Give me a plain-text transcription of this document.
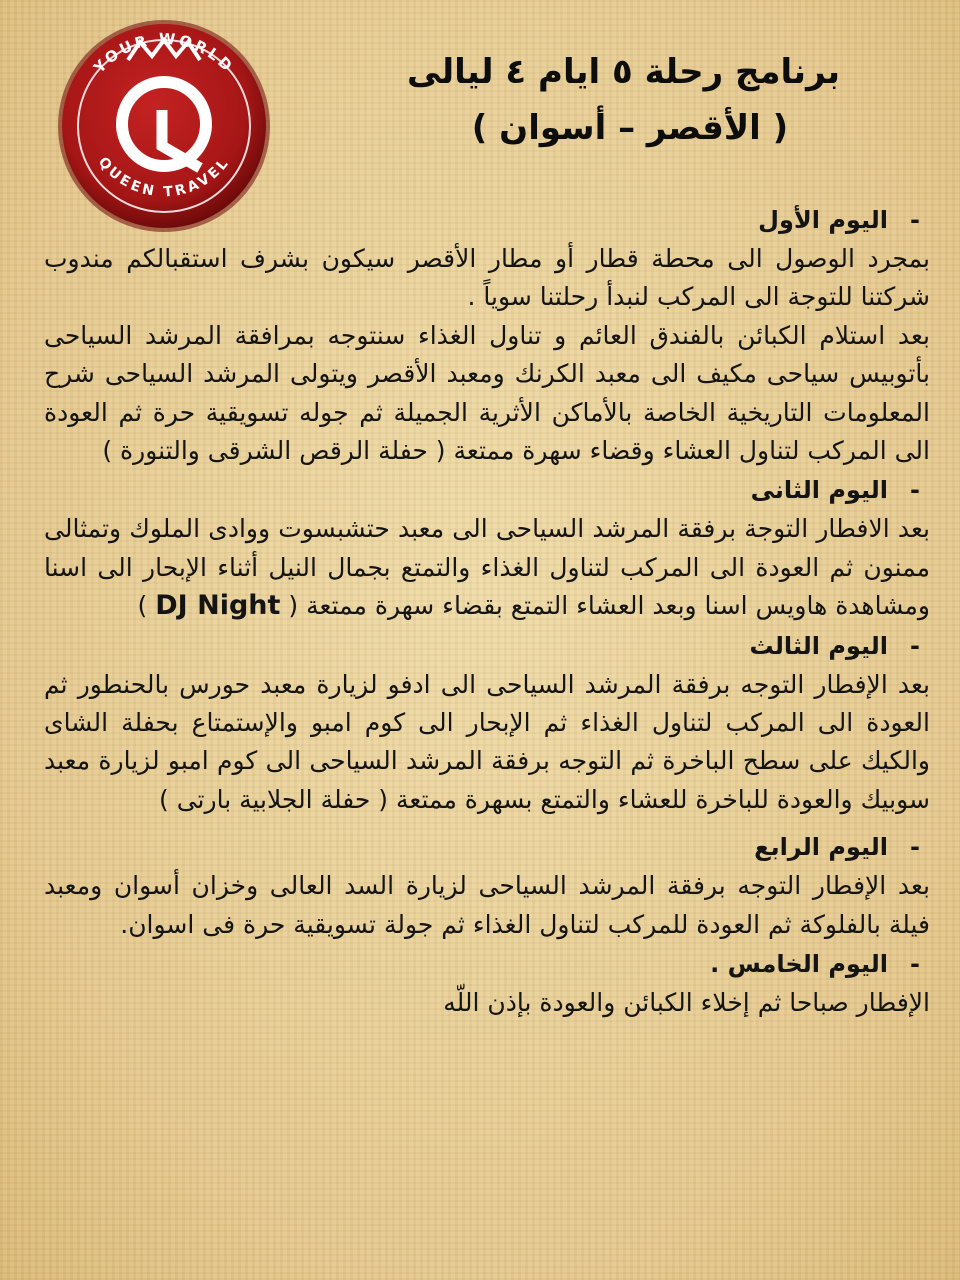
YOUR WORLD
QUEEN TRAVEL
برنامج رحلة ٥ ايام ٤ ليالى
( الأقصر – أسوان )
-اليوم الأول

بمجرد الوصول الى محطة قطار أو مطار الأقصر سيكون بشرف استقبالكم مندوب شركتنا للتوجة الى المركب لنبدأ رحلتنا سوياً .

بعد استلام الكبائن بالفندق العائم و تناول الغذاء سنتوجه بمرافقة المرشد السياحى بأتوبيس سياحى مكيف الى معبد الكرنك ومعبد الأقصر ويتولى المرشد السياحى شرح المعلومات التاريخية الخاصة بالأماكن الأثرية الجميلة ثم جوله تسويقية حرة ثم العودة الى المركب لتناول العشاء وقضاء سهرة ممتعة ( حفلة الرقص الشرقى والتنورة )

-اليوم الثانى

بعد الافطار التوجة برفقة المرشد السياحى الى معبد حتشبسوت ووادى الملوك وتمثالى ممنون ثم العودة الى المركب لتناول الغذاء والتمتع بجمال النيل أثناء الإبحار الى اسنا ومشاهدة هاويس اسنا وبعد العشاء التمتع بقضاء سهرة ممتعة ( DJ Night )

-اليوم الثالث

بعد الإفطار التوجه برفقة المرشد السياحى الى ادفو لزيارة معبد حورس بالحنطور ثم العودة الى المركب لتناول الغذاء ثم الإبحار الى كوم امبو والإستمتاع بحفلة الشاى والكيك على سطح الباخرة ثم التوجه برفقة المرشد السياحى الى كوم امبو لزيارة معبد سوبيك والعودة للباخرة للعشاء والتمتع بسهرة ممتعة ( حفلة الجلابية بارتى )

-اليوم الرابع

بعد الإفطار التوجه برفقة المرشد السياحى لزيارة السد العالى وخزان أسوان ومعبد فيلة بالفلوكة ثم العودة للمركب لتناول الغذاء ثم جولة تسويقية حرة فى اسوان.

-اليوم الخامس .

الإفطار صباحا ثم إخلاء الكبائن والعودة بإذن اللّه
